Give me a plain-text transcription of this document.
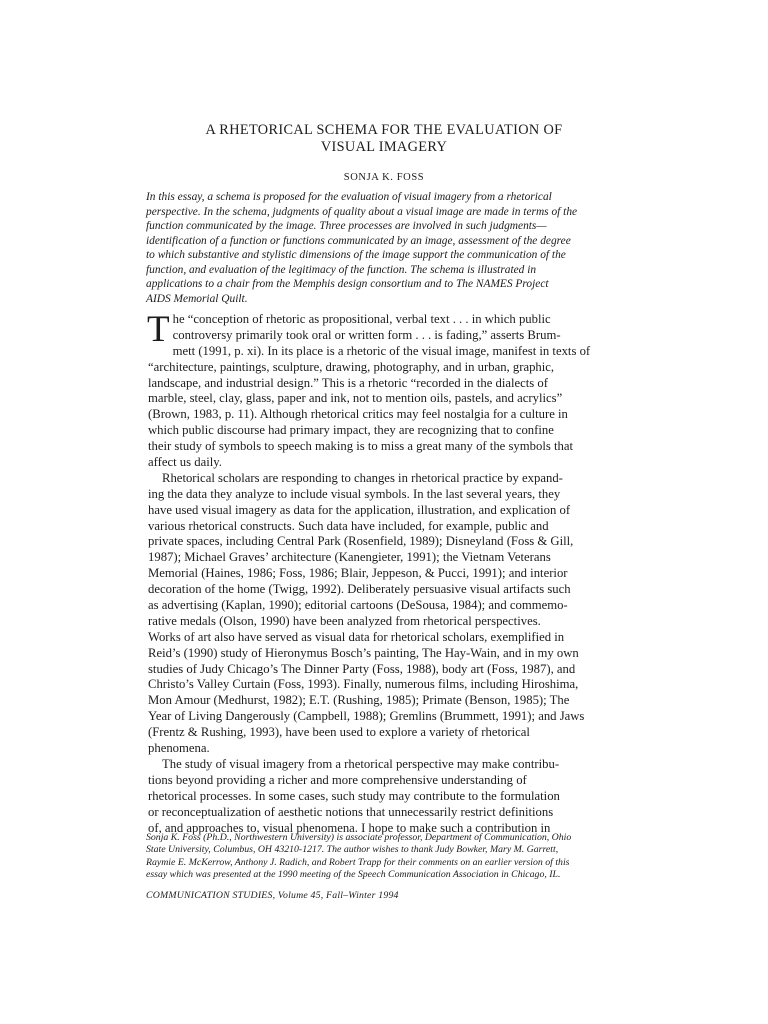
A RHETORICAL SCHEMA FOR THE EVALUATION OF
VISUAL IMAGERY
SONJA K. FOSS
In this essay, a schema is proposed for the evaluation of visual imagery from a rhetorical
perspective. In the schema, judgments of quality about a visual image are made in terms of the
function communicated by the image. Three processes are involved in such judgments—
identification of a function or functions communicated by an image, assessment of the degree
to which substantive and stylistic dimensions of the image support the communication of the
function, and evaluation of the legitimacy of the function. The schema is illustrated in
applications to a chair from the Memphis design consortium and to The NAMES Project
AIDS Memorial Quilt.
T he “conception of rhetoric as propositional, verbal text . . . in which public
controversy primarily took oral or written form . . . is fading,” asserts Brum-
mett (1991, p. xi). In its place is a rhetoric of the visual image, manifest in texts of
“architecture, paintings, sculpture, drawing, photography, and in urban, graphic,
landscape, and industrial design.” This is a rhetoric “recorded in the dialects of
marble, steel, clay, glass, paper and ink, not to mention oils, pastels, and acrylics”
(Brown, 1983, p. 11). Although rhetorical critics may feel nostalgia for a culture in
which public discourse had primary impact, they are recognizing that to confine
their study of symbols to speech making is to miss a great many of the symbols that
affect us daily.
Rhetorical scholars are responding to changes in rhetorical practice by expand-
ing the data they analyze to include visual symbols. In the last several years, they
have used visual imagery as data for the application, illustration, and explication of
various rhetorical constructs. Such data have included, for example, public and
private spaces, including Central Park (Rosenfield, 1989); Disneyland (Foss & Gill,
1987); Michael Graves’ architecture (Kanengieter, 1991); the Vietnam Veterans
Memorial (Haines, 1986; Foss, 1986; Blair, Jeppeson, & Pucci, 1991); and interior
decoration of the home (Twigg, 1992). Deliberately persuasive visual artifacts such
as advertising (Kaplan, 1990); editorial cartoons (DeSousa, 1984); and commemo-
rative medals (Olson, 1990) have been analyzed from rhetorical perspectives.
Works of art also have served as visual data for rhetorical scholars, exemplified in
Reid’s (1990) study of Hieronymus Bosch’s painting, The Hay-Wain, and in my own
studies of Judy Chicago’s The Dinner Party (Foss, 1988), body art (Foss, 1987), and
Christo’s Valley Curtain (Foss, 1993). Finally, numerous films, including Hiroshima,
Mon Amour (Medhurst, 1982); E.T. (Rushing, 1985); Primate (Benson, 1985); The
Year of Living Dangerously (Campbell, 1988); Gremlins (Brummett, 1991); and Jaws
(Frentz & Rushing, 1993), have been used to explore a variety of rhetorical
phenomena.
The study of visual imagery from a rhetorical perspective may make contribu-
tions beyond providing a richer and more comprehensive understanding of
rhetorical processes. In some cases, such study may contribute to the formulation
or reconceptualization of aesthetic notions that unnecessarily restrict definitions
of, and approaches to, visual phenomena. I hope to make such a contribution in
Sonja K. Foss (Ph.D., Northwestern University) is associate professor, Department of Communication, Ohio
State University, Columbus, OH 43210-1217. The author wishes to thank Judy Bowker, Mary M. Garrett,
Raymie E. McKerrow, Anthony J. Radich, and Robert Trapp for their comments on an earlier version of this
essay which was presented at the 1990 meeting of the Speech Communication Association in Chicago, IL.
COMMUNICATION STUDIES, Volume 45, Fall–Winter 1994
